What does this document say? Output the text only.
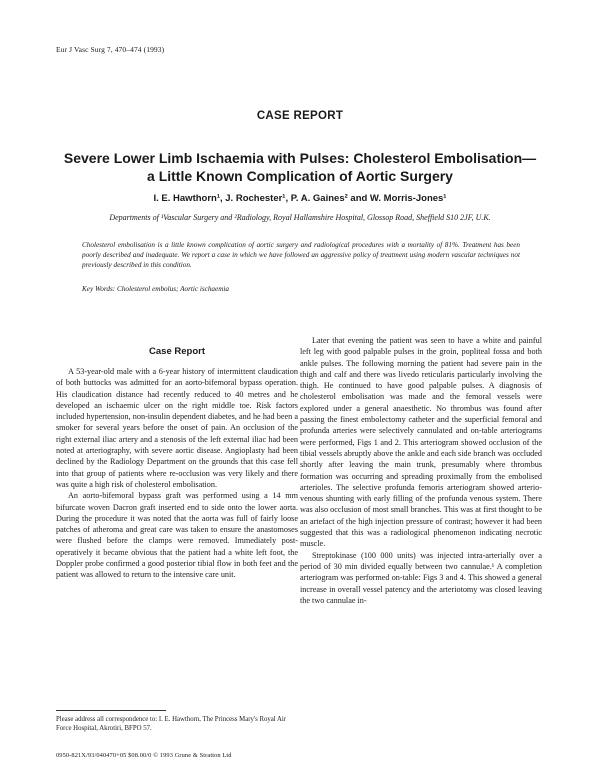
Eur J Vasc Surg 7, 470–474 (1993)
CASE REPORT
Severe Lower Limb Ischaemia with Pulses: Cholesterol Embolisation—a Little Known Complication of Aortic Surgery
I. E. Hawthorn¹, J. Rochester¹, P. A. Gaines² and W. Morris-Jones¹
Departments of ¹Vascular Surgery and ²Radiology, Royal Hallamshire Hospital, Glossop Road, Sheffield S10 2JF, U.K.
Cholesterol embolisation is a little known complication of aortic surgery and radiological procedures with a mortality of 81%. Treatment has been poorly described and inadequate. We report a case in which we have followed an aggressive policy of treatment using modern vascular techniques not previously described in this condition.
Key Words: Cholesterol embolus; Aortic ischaemia
Case Report

A 53-year-old male with a 6-year history of intermittent claudication of both buttocks was admitted for an aorto-bifemoral bypass operation. His claudication distance had recently reduced to 40 metres and he developed an ischaemic ulcer on the right middle toe. Risk factors included hypertension, non-insulin dependent diabetes, and he had been a smoker for several years before the onset of pain. An occlusion of the right external iliac artery and a stenosis of the left external iliac had been noted at arteriography, with severe aortic disease. Angioplasty had been declined by the Radiology Department on the grounds that this case fell into that group of patients where re-occlusion was very likely and there was quite a high risk of cholesterol embolisation.

An aorto-bifemoral bypass graft was performed using a 14 mm bifurcate woven Dacron graft inserted end to side onto the lower aorta. During the procedure it was noted that the aorta was full of fairly loose patches of atheroma and great care was taken to ensure the anastomoses were flushed before the clamps were removed. Immediately post-operatively it became obvious that the patient had a white left foot, the Doppler probe confirmed a good posterior tibial flow in both feet and the patient was allowed to return to the intensive care unit.

Later that evening the patient was seen to have a white and painful left leg with good palpable pulses in the groin, popliteal fossa and both ankle pulses. The following morning the patient had severe pain in the thigh and calf and there was livedo reticularis particularly involving the thigh. He continued to have good palpable pulses. A diagnosis of cholesterol embolisation was made and the femoral vessels were explored under a general anaesthetic. No thrombus was found after passing the finest embolectomy catheter and the superficial femoral and profunda arteries were selectively cannulated and on-table arteriograms were performed, Figs 1 and 2. This arteriogram showed occlusion of the tibial vessels abruptly above the ankle and each side branch was occluded shortly after leaving the main trunk, presumably where thrombus formation was occurring and spreading proximally from the embolised arterioles. The selective profunda femoris arteriogram showed arterio-venous shunting with early filling of the profunda venous system. There was also occlusion of most small branches. This was at first thought to be an artefact of the high injection pressure of contrast; however it had been suggested that this was a radiological phenomenon indicating necrotic muscle.

Streptokinase (100 000 units) was injected intra-arterially over a period of 30 min divided equally between two cannulae.¹ A completion arteriogram was performed on-table: Figs 3 and 4. This showed a general increase in overall vessel patency and the arteriotomy was closed leaving the two cannulae in-

Please address all correspondence to: I. E. Hawthorn, The Princess Mary's Royal Air Force Hospital, Akrotiri, BFPO 57.
0950-821X/93/040470+05 $08.00/0 © 1993 Grune & Stratton Ltd
